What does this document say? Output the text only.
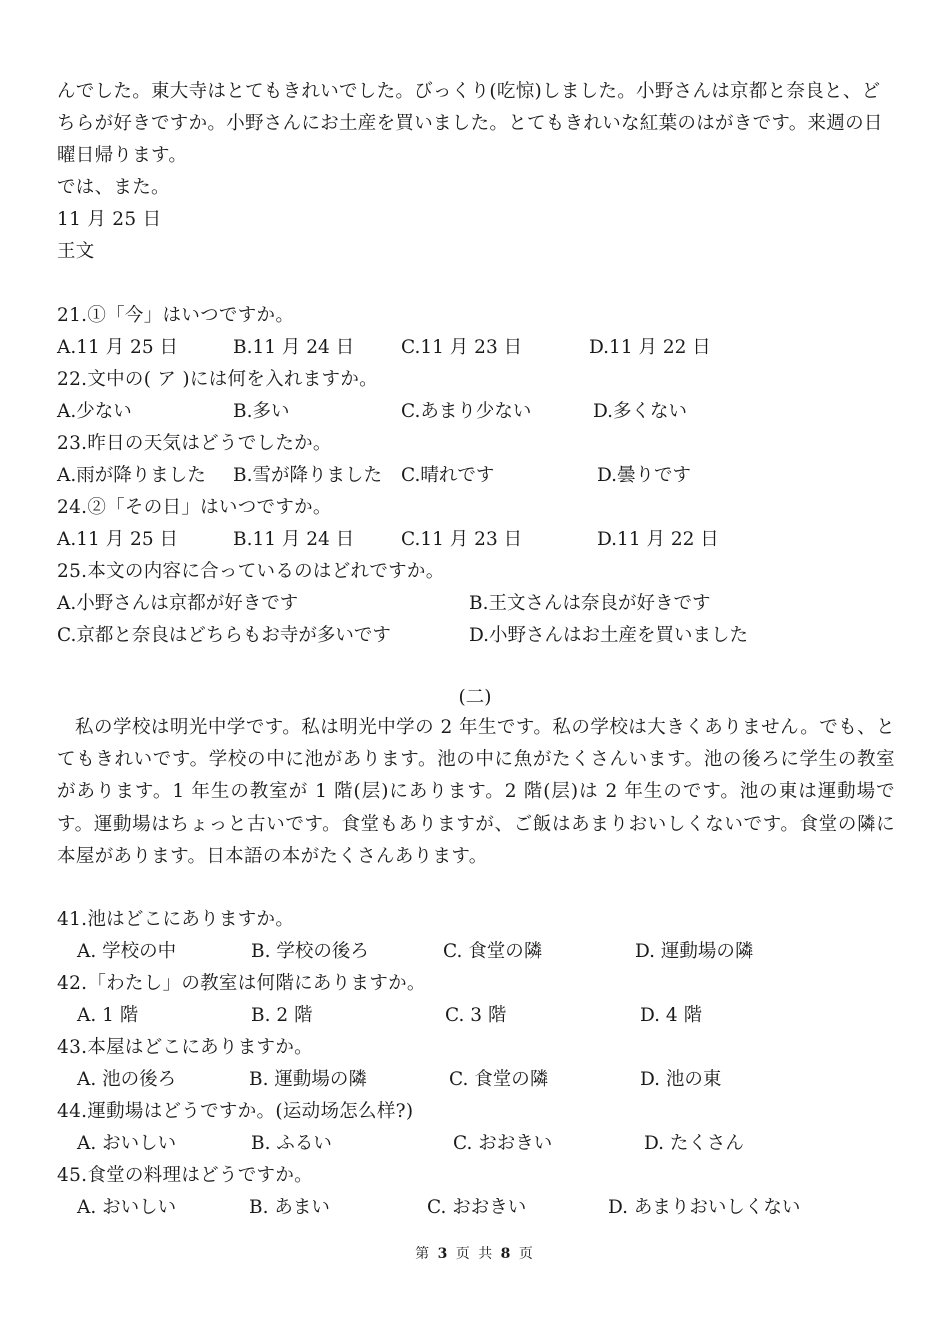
んでした。東大寺はとてもきれいでした。びっくり(吃惊)しました。小野さんは京都と奈良と、ど
ちらが好きですか。小野さんにお土産を買いました。とてもきれいな紅葉のはがきです。来週の日
曜日帰ります。
では、また。
11 月 25 日
王文
21.①「今」はいつですか。
A.11 月 25 日	B.11 月 24 日	C.11 月 23 日	D.11 月 22 日
22.文中の( ア )には何を入れますか。
A.少ない	B.多い	C.あまり少ない	D.多くない
23.昨日の天気はどうでしたか。
A.雨が降りました B.雪が降りました C.晴れです	D.曇りです
24.②「その日」はいつですか。
A.11 月 25 日	B.11 月 24 日	C.11 月 23 日	D.11 月 22 日
25.本文の内容に合っているのはどれですか。
A.小野さんは京都が好きです	B.王文さんは奈良が好きです
C.京都と奈良はどちらもお寺が多いです	D.小野さんはお土産を買いました
(二)
私の学校は明光中学です。私は明光中学の 2 年生です。私の学校は大きくありません。でも、とてもきれいです。学校の中に池があります。池の中に魚がたくさんいます。池の後ろに学生の教室があります。1 年生の教室が 1 階(层)にあります。2 階(层)は 2 年生のです。池の東は運動場です。運動場はちょっと古いです。食堂もありますが、ご飯はあまりおいしくないです。食堂の隣に本屋があります。日本語の本がたくさんあります。
41.池はどこにありますか。
A. 学校の中	B. 学校の後ろ	C. 食堂の隣	D. 運動場の隣
42.「わたし」の教室は何階にありますか。
A. 1 階	B. 2 階	C. 3 階	D. 4 階
43.本屋はどこにありますか。
A. 池の後ろ	B. 運動場の隣	C. 食堂の隣	D. 池の東
44.運動場はどうですか。(运动场怎么样?)
A. おいしい	B. ふるい	C. おおきい	D. たくさん
45.食堂の料理はどうですか。
A. おいしい	B. あまい	C. おおきい	D. あまりおいしくない
第 3 页 共 8 页
